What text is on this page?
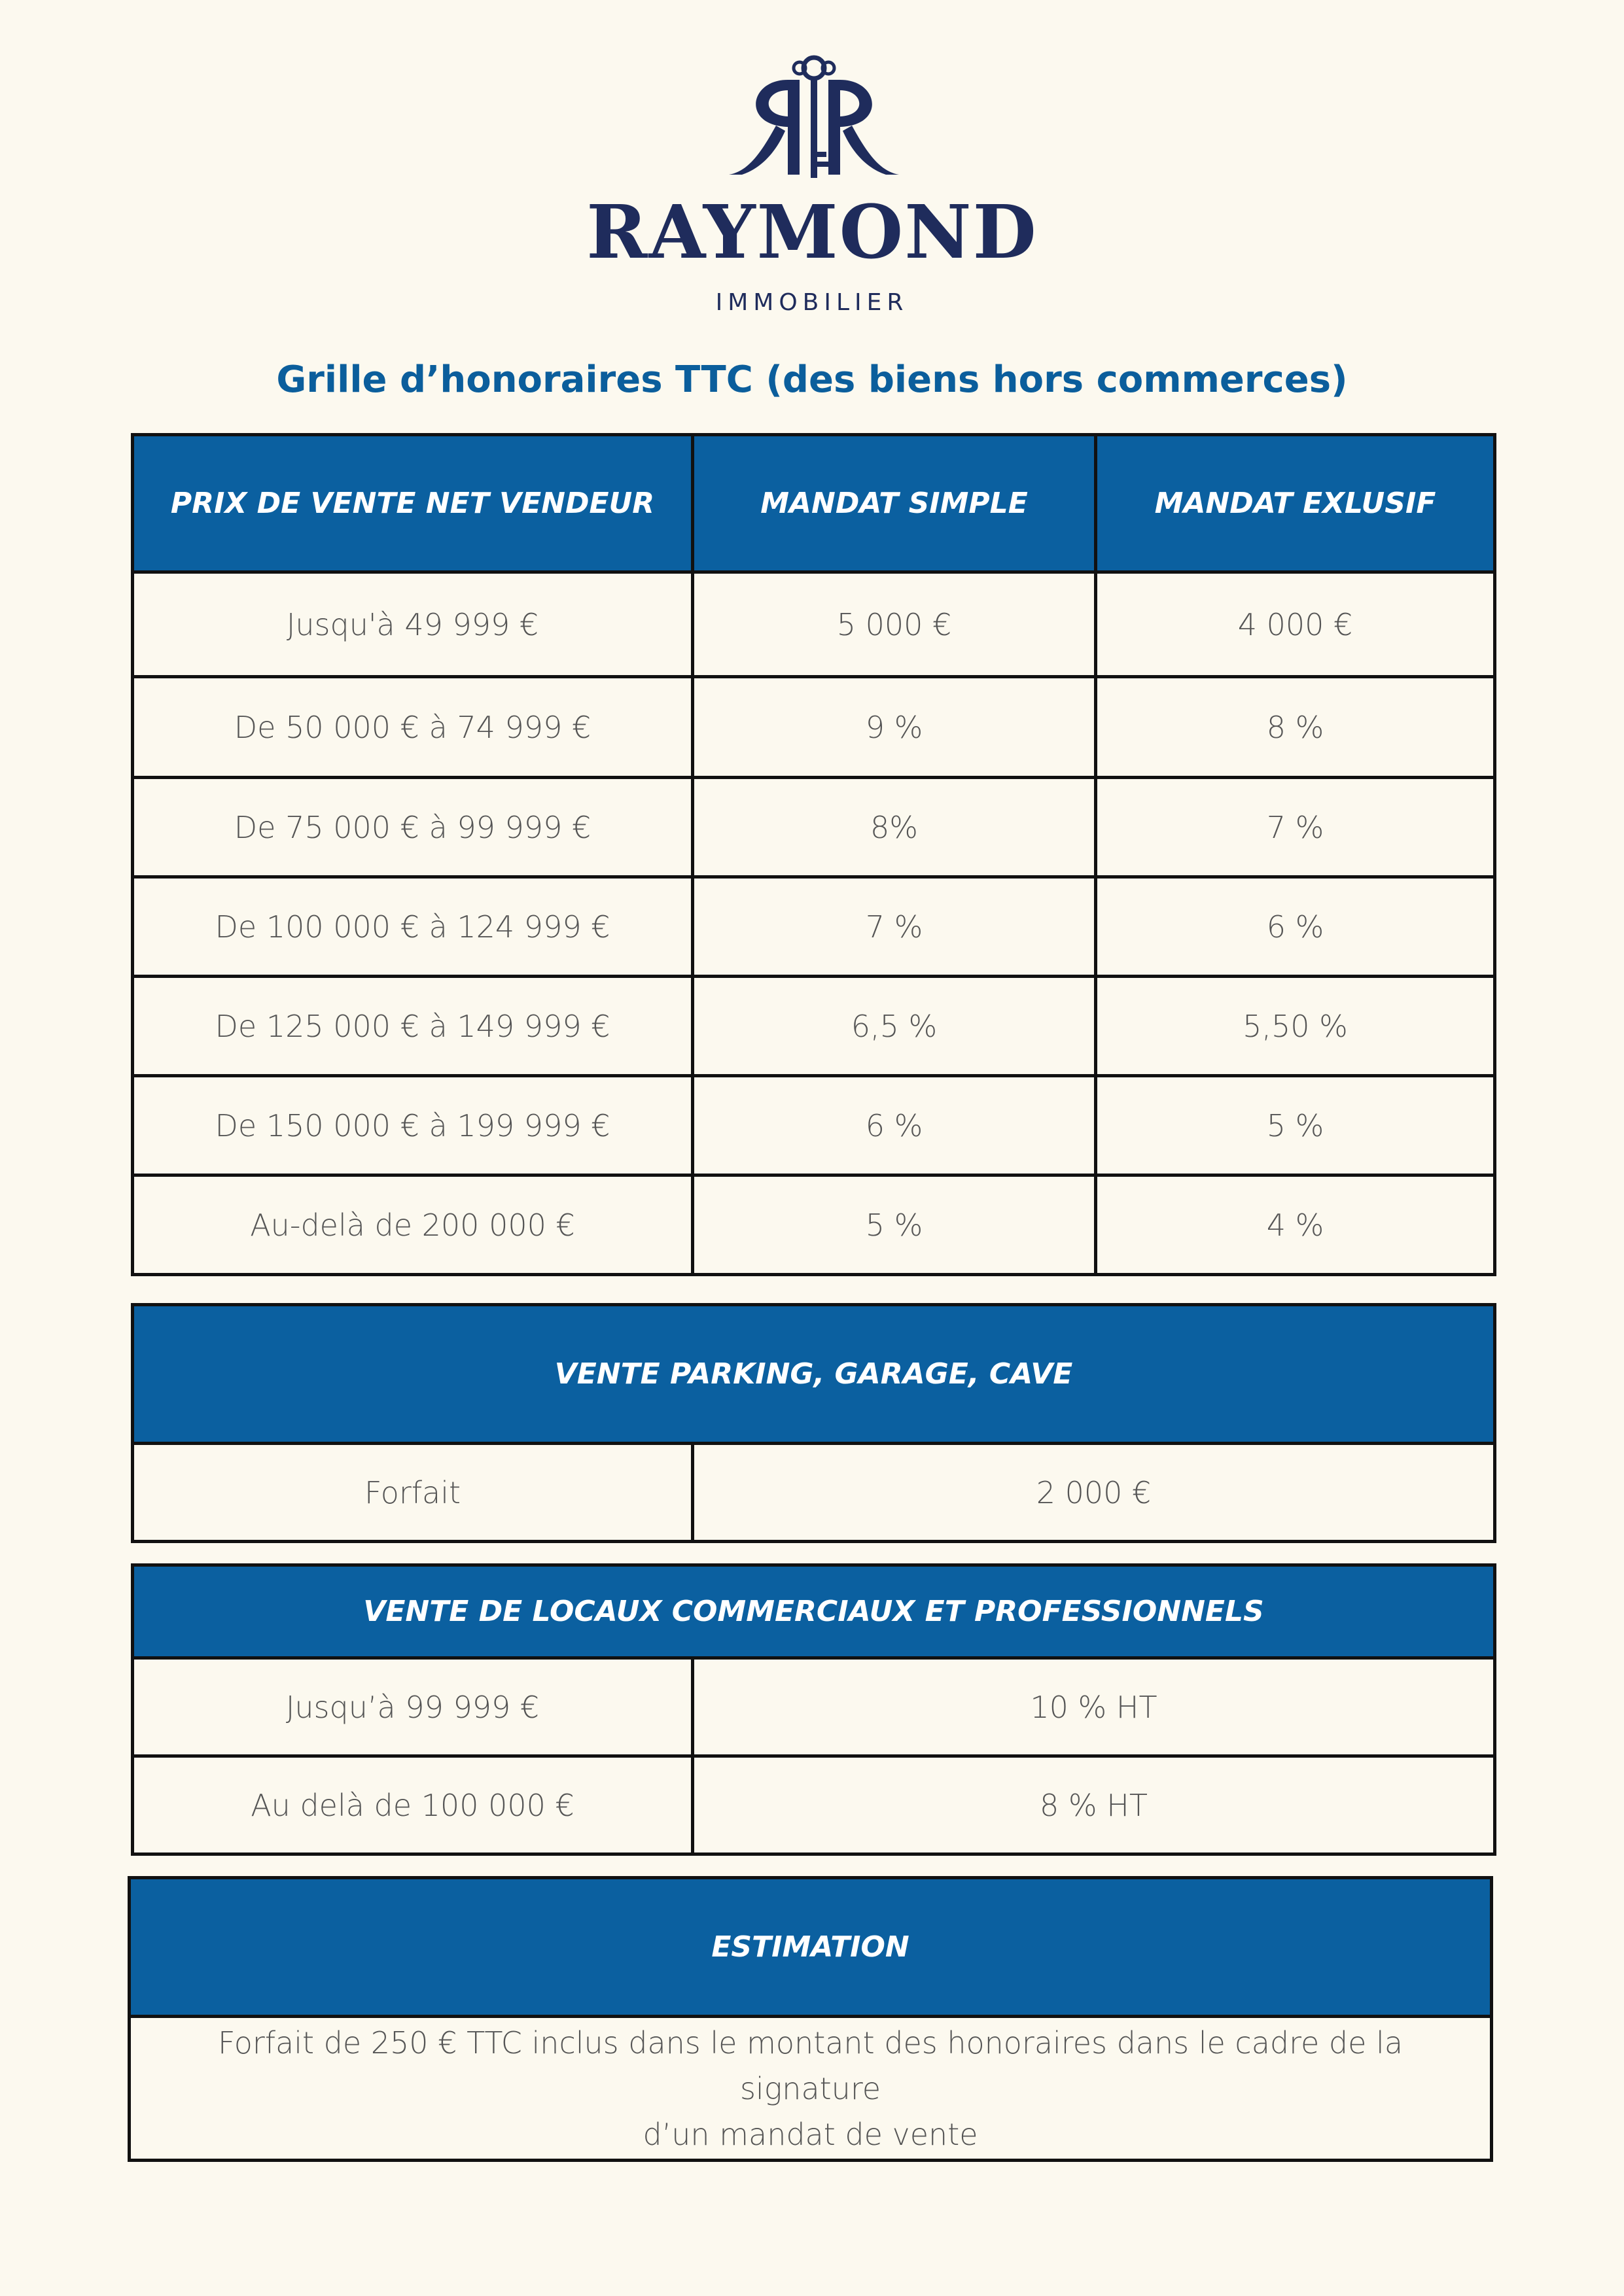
RAYMOND
IMMOBILIER
Grille d’honoraires TTC (des biens hors commerces)
PRIX DE VENTE NET VENDEUR	MANDAT SIMPLE	MANDAT EXLUSIF
Jusqu'à 49 999 €	5 000 €	4 000 €
De 50 000 € à 74 999 €	9 %	8 %
De 75 000 € à 99 999 €	8%	7 %
De 100 000 € à 124 999 €	7 %	6 %
De 125 000 € à 149 999 €	6,5 %	5,50 %
De 150 000 € à 199 999 €	6 %	5 %
Au-delà de 200 000 €	5 %	4 %
VENTE PARKING, GARAGE, CAVE
Forfait	2 000 €
VENTE DE LOCAUX COMMERCIAUX ET PROFESSIONNELS	
Jusqu’à 99 999 €	10 % HT
Au delà de 100 000 €	8 % HT
ESTIMATION

Forfait de 250 € TTC inclus dans le montant des honoraires dans le cadre de la signature
d’un mandat de vente
